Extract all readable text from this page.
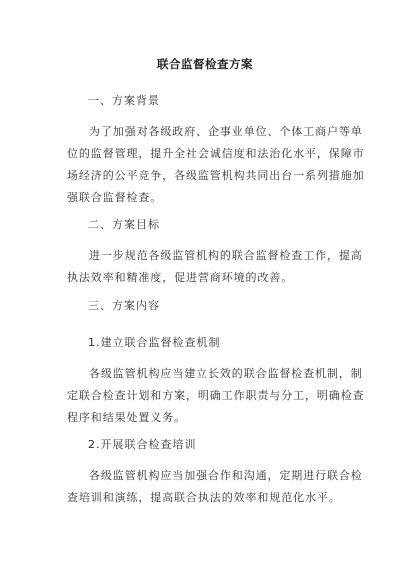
联合监督检查方案
一、方案背景
为了加强对各级政府、企事业单位、个体工商户等单
位的监督管理，提升全社会诚信度和法治化水平，保障市
场经济的公平竞争，各级监管机构共同出台一系列措施加
强联合监督检查。
二、方案目标
进一步规范各级监管机构的联合监督检查工作，提高
执法效率和精准度，促进营商环境的改善。
三、方案内容
1.建立联合监督检查机制
各级监管机构应当建立长效的联合监督检查机制，制
定联合检查计划和方案，明确工作职责与分工，明确检查
程序和结果处置义务。
2.开展联合检查培训
各级监管机构应当加强合作和沟通，定期进行联合检
查培训和演练，提高联合执法的效率和规范化水平。
